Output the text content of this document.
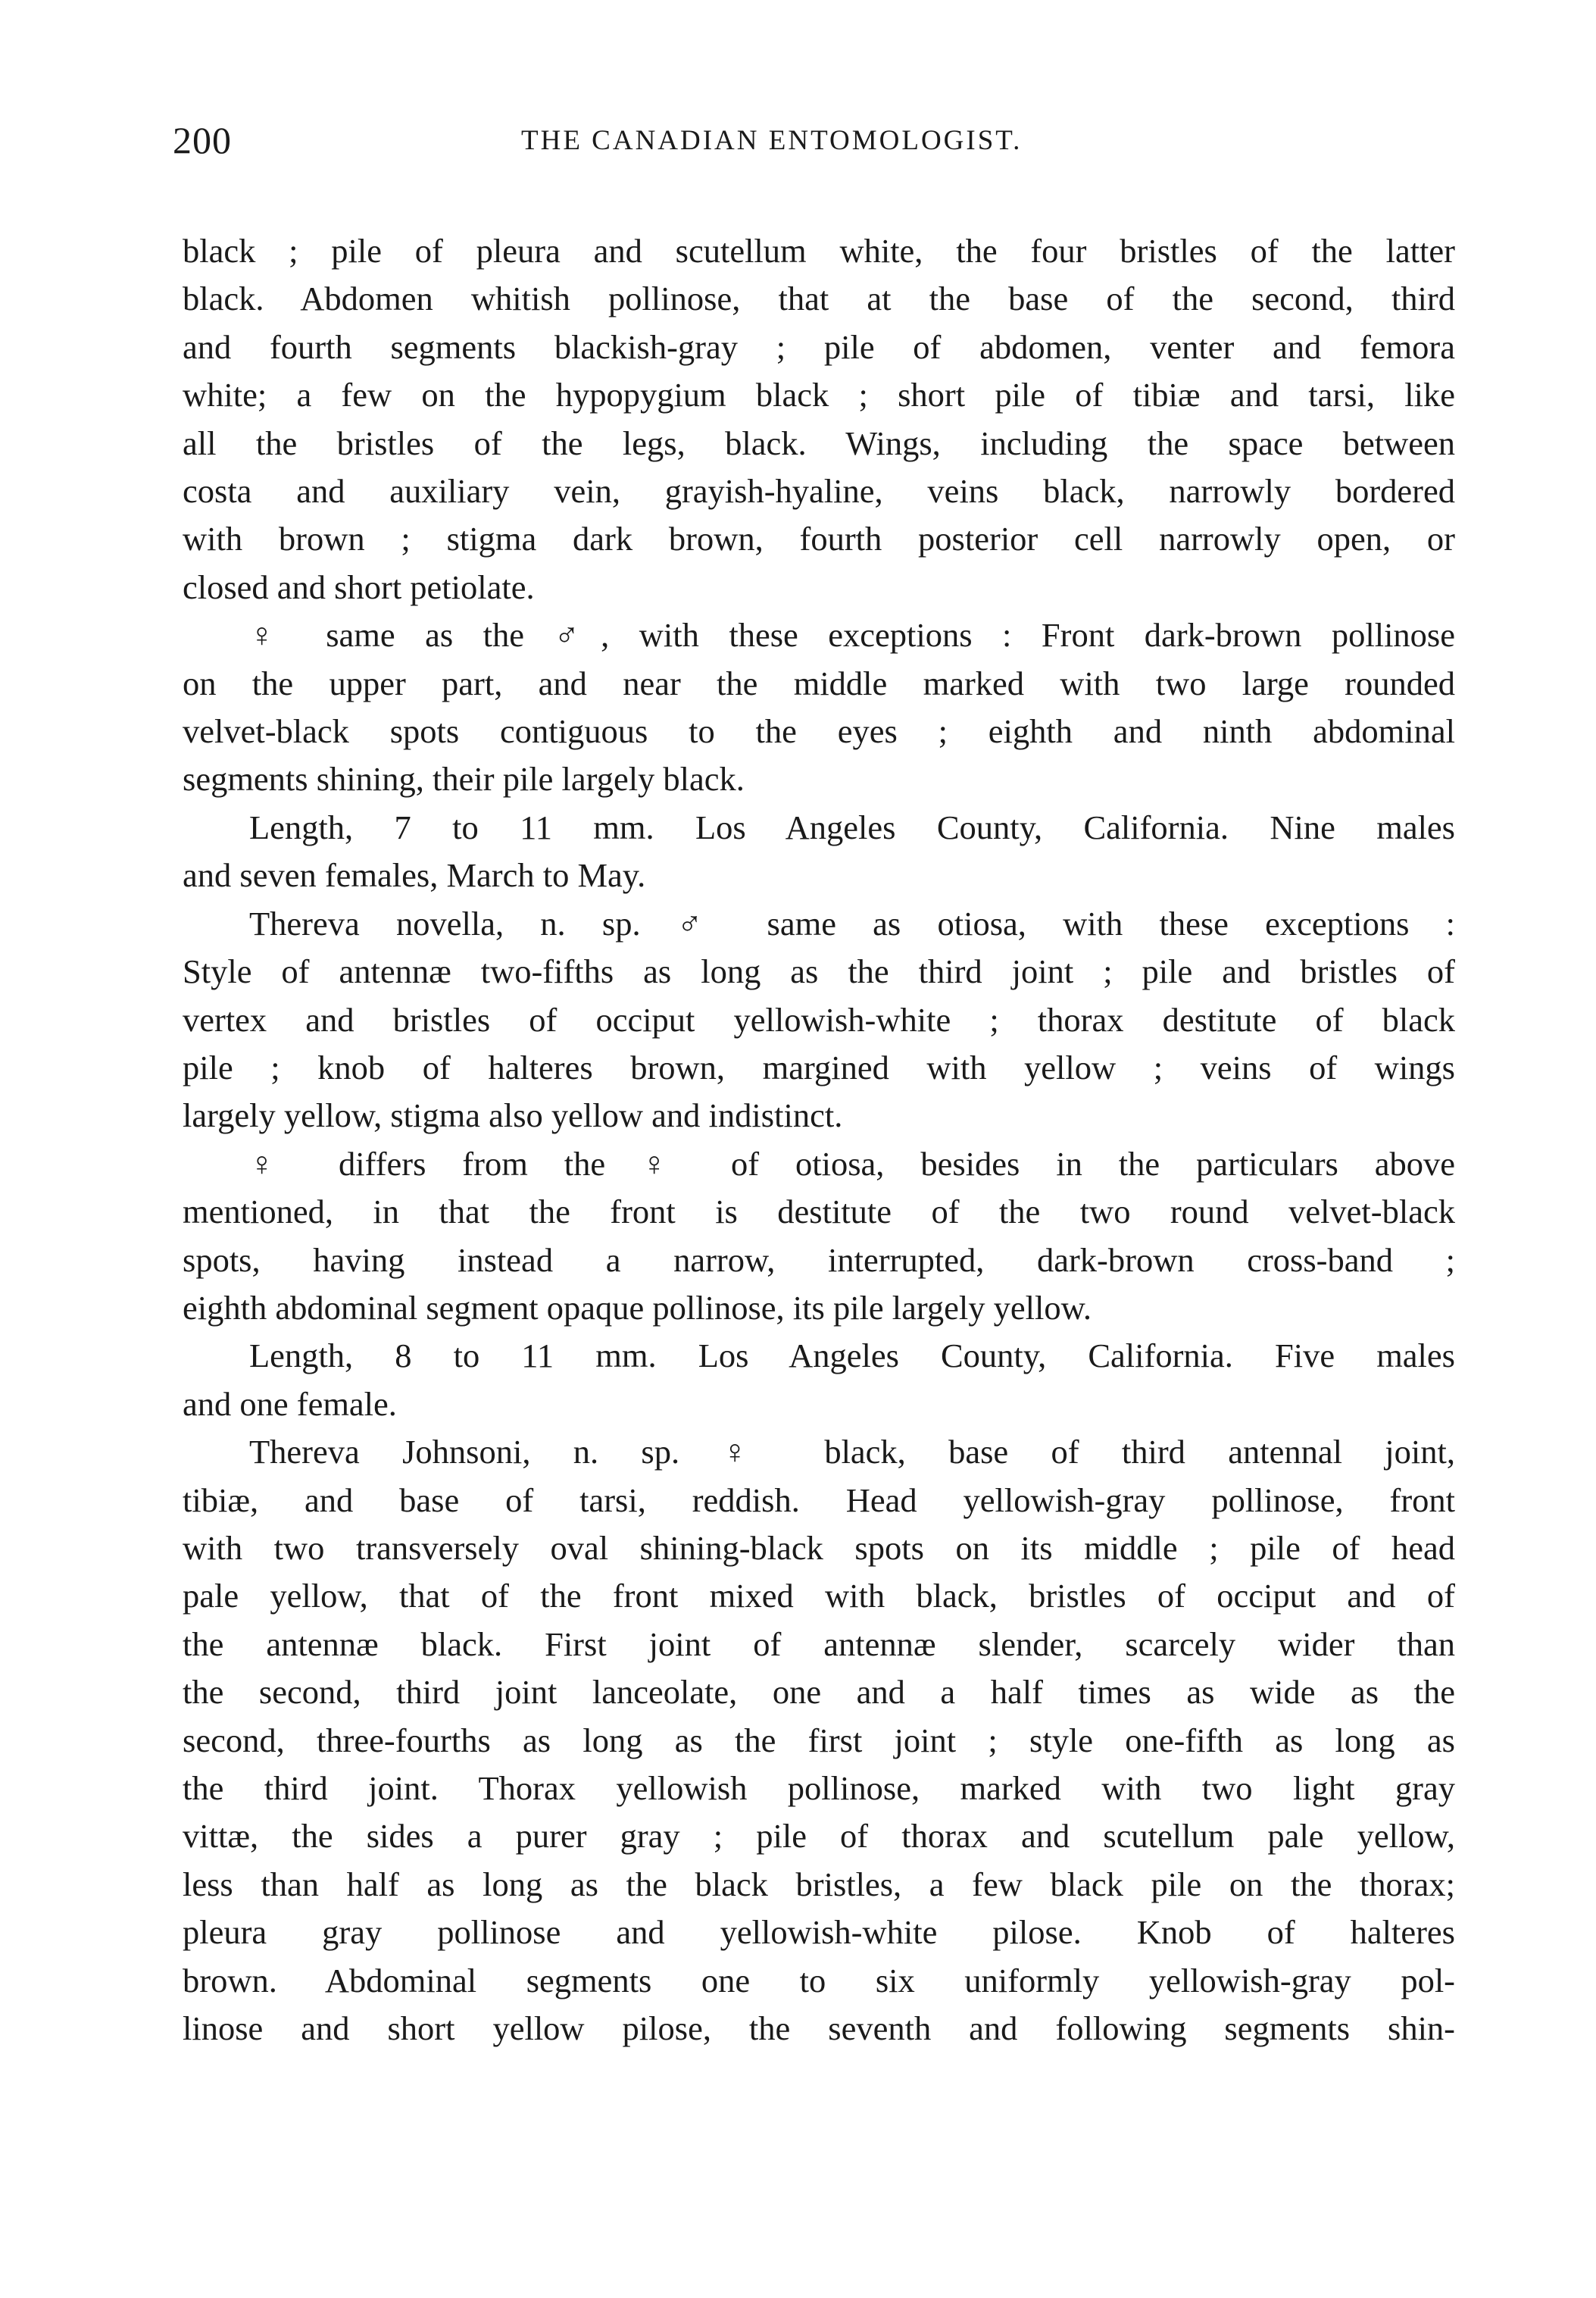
200	THE CANADIAN ENTOMOLOGIST.

black ; pile of pleura and scutellum white, the four bristles of the latter

black. Abdomen whitish pollinose, that at the base of the second, third

and fourth segments blackish-gray ; pile of abdomen, venter and femora

white; a few on the hypopygium black ; short pile of tibiæ and tarsi, like

all the bristles of the legs, black. Wings, including the space between

costa and auxiliary vein, grayish-hyaline, veins black, narrowly bordered

with brown ; stigma dark brown, fourth posterior cell narrowly open, or

closed and short petiolate.

♀ same as the ♂, with these exceptions : Front dark-brown pollinose

on the upper part, and near the middle marked with two large rounded

velvet-black spots contiguous to the eyes ; eighth and ninth abdominal

segments shining, their pile largely black.

Length, 7 to 11 mm. Los Angeles County, California. Nine males

and seven females, March to May.

Thereva novella, n. sp. ♂ same as otiosa, with these exceptions :

Style of antennæ two-fifths as long as the third joint ; pile and bristles of

vertex and bristles of occiput yellowish-white ; thorax destitute of black

pile ; knob of halteres brown, margined with yellow ; veins of wings

largely yellow, stigma also yellow and indistinct.

♀ differs from the ♀ of otiosa, besides in the particulars above

mentioned, in that the front is destitute of the two round velvet-black

spots, having instead a narrow, interrupted, dark-brown cross-band ;

eighth abdominal segment opaque pollinose, its pile largely yellow.

Length, 8 to 11 mm. Los Angeles County, California. Five males

and one female.

Thereva Johnsoni, n. sp. ♀ black, base of third antennal joint,

tibiæ, and base of tarsi, reddish. Head yellowish-gray pollinose, front

with two transversely oval shining-black spots on its middle ; pile of head

pale yellow, that of the front mixed with black, bristles of occiput and of

the antennæ black. First joint of antennæ slender, scarcely wider than

the second, third joint lanceolate, one and a half times as wide as the

second, three-fourths as long as the first joint ; style one-fifth as long as

the third joint. Thorax yellowish pollinose, marked with two light gray

vittæ, the sides a purer gray ; pile of thorax and scutellum pale yellow,

less than half as long as the black bristles, a few black pile on the thorax;

pleura gray pollinose and yellowish-white pilose. Knob of halteres

brown. Abdominal segments one to six uniformly yellowish-gray pol-

linose and short yellow pilose, the seventh and following segments shin-
